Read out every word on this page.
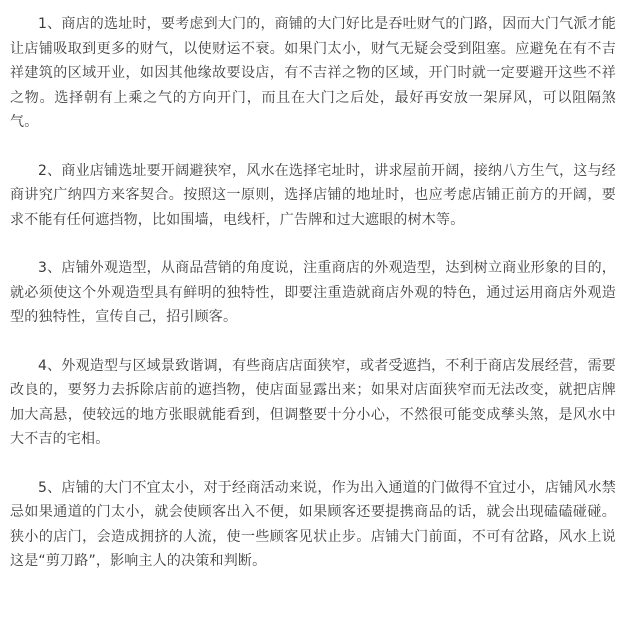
1、商店的选址时，要考虑到大门的，商铺的大门好比是吞吐财气的门路，因而大门气派才能让店铺吸取到更多的财气，以使财运不衰。如果门太小，财气无疑会受到阻塞。应避免在有不吉祥建筑的区域开业，如因其他缘故要设店，有不吉祥之物的区域，开门时就一定要避开这些不祥之物。选择朝有上乘之气的方向开门，而且在大门之后处，最好再安放一架屏风，可以阻隔煞气。

2、商业店铺选址要开阔避狭窄，风水在选择宅址时，讲求屋前开阔，接纳八方生气，这与经商讲究广纳四方来客契合。按照这一原则，选择店铺的地址时，也应考虑店铺正前方的开阔，要求不能有任何遮挡物，比如围墙，电线杆，广告牌和过大遮眼的树木等。

3、店铺外观造型，从商品营销的角度说，注重商店的外观造型，达到树立商业形象的目的，就必须使这个外观造型具有鲜明的独特性，即要注重造就商店外观的特色，通过运用商店外观造型的独特性，宣传自己，招引顾客。

4、外观造型与区域景致谐调，有些商店店面狭窄，或者受遮挡，不利于商店发展经营，需要改良的，要努力去拆除店前的遮挡物，使店面显露出来；如果对店面狭窄而无法改变，就把店牌加大高悬，使较远的地方张眼就能看到，但调整要十分小心，不然很可能变成孳头煞，是风水中大不吉的宅相。

5、店铺的大门不宜太小，对于经商活动来说，作为出入通道的门做得不宜过小，店铺风水禁忌如果通道的门太小，就会使顾客出入不便，如果顾客还要提携商品的话，就会出现磕磕碰碰。狭小的店门，会造成拥挤的人流，使一些顾客见状止步。店铺大门前面，不可有岔路，风水上说这是“剪刀路”，影响主人的决策和判断。
